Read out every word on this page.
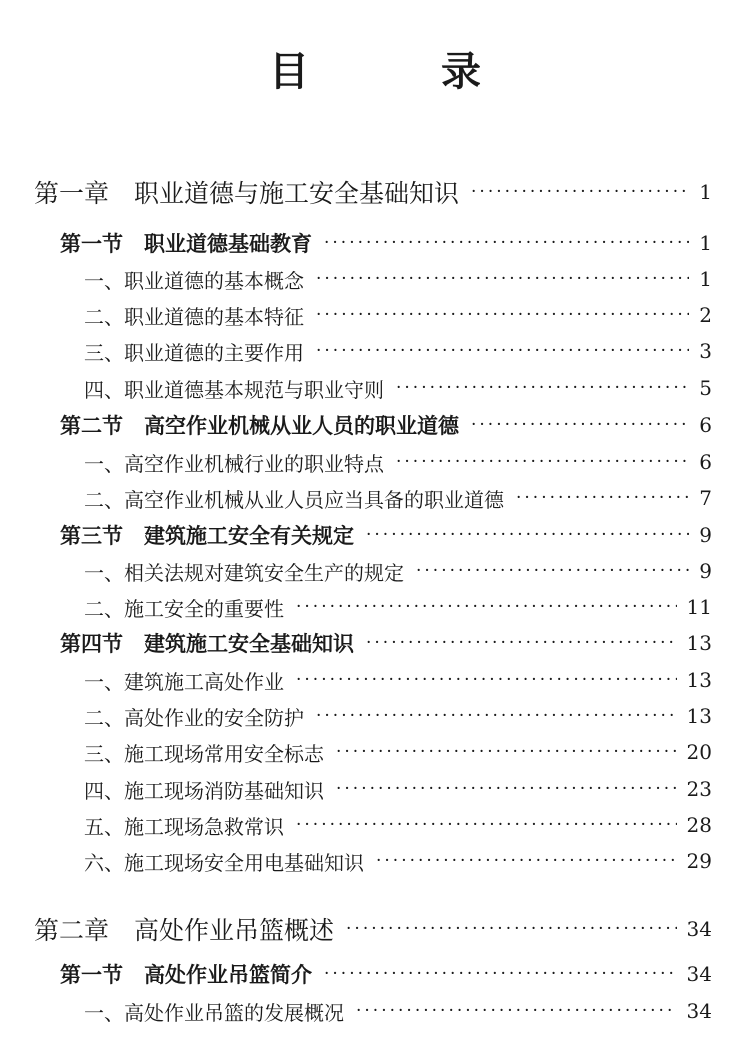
目　录
第一章　职业道德与施工安全基础知识 ·····	1
第一节　职业道德基础教育 ·····	1
一、职业道德的基本概念 ·····	1
二、职业道德的基本特征 ·····	2
三、职业道德的主要作用 ·····	3
四、职业道德基本规范与职业守则 ·····	5
第二节　高空作业机械从业人员的职业道德 ·····	6
一、高空作业机械行业的职业特点 ·····	6
二、高空作业机械从业人员应当具备的职业道德 ·····	7
第三节　建筑施工安全有关规定 ·····	9
一、相关法规对建筑安全生产的规定 ·····	9
二、施工安全的重要性 ·····	11
第四节　建筑施工安全基础知识 ·····	13
一、建筑施工高处作业 ·····	13
二、高处作业的安全防护 ·····	13
三、施工现场常用安全标志 ·····	20
四、施工现场消防基础知识 ·····	23
五、施工现场急救常识 ·····	28
六、施工现场安全用电基础知识 ·····	29
第二章　高处作业吊篮概述 ·····	34
第一节　高处作业吊篮简介 ·····	34
一、高处作业吊篮的发展概况 ·····	34
